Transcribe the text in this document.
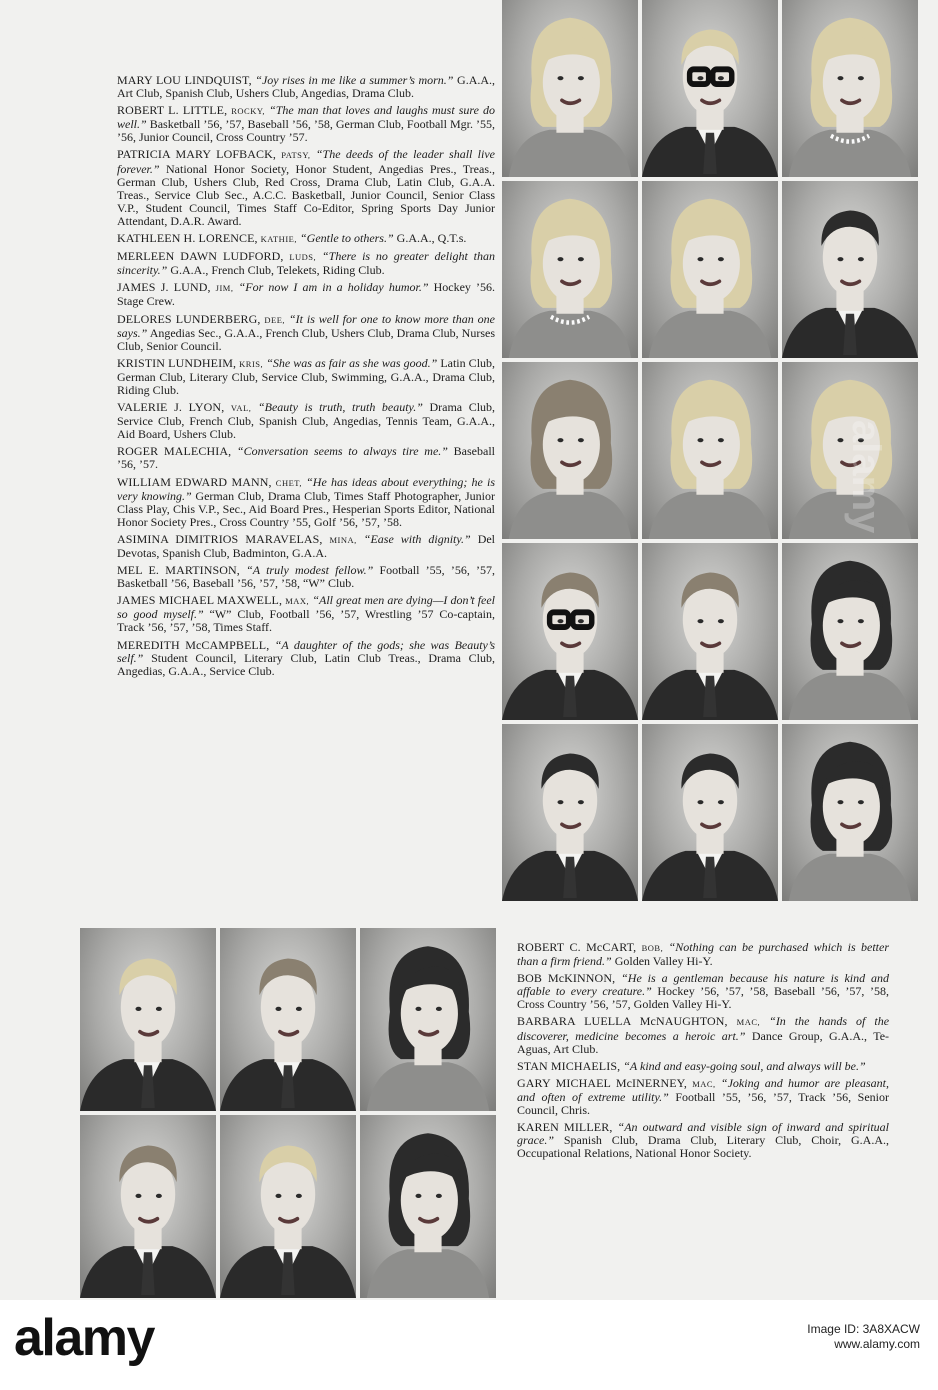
MARY LOU LINDQUIST, “Joy rises in me like a summer’s morn.” G.A.A., Art Club, Spanish Club, Ushers Club, Angedias, Drama Club.

ROBERT L. LITTLE, ROCKY, “The man that loves and laughs must sure do well.” Basketball ’56, ’57, Baseball ’56, ’58, German Club, Football Mgr. ’55, ’56, Junior Council, Cross Country ’57.

PATRICIA MARY LOFBACK, PATSY, “The deeds of the leader shall live forever.” National Honor Society, Honor Student, Angedias Pres., Treas., German Club, Ushers Club, Red Cross, Drama Club, Latin Club, G.A.A. Treas., Service Club Sec., A.C.C. Basketball, Junior Council, Senior Class V.P., Student Council, Times Staff Co-Editor, Spring Sports Day Junior Attendant, D.A.R. Award.

KATHLEEN H. LORENCE, KATHIE, “Gentle to others.” G.A.A., Q.T.s.

MERLEEN DAWN LUDFORD, LUDS, “There is no greater delight than sincerity.” G.A.A., French Club, Telekets, Riding Club.

JAMES J. LUND, JIM, “For now I am in a holiday humor.” Hockey ’56. Stage Crew.

DELORES LUNDERBERG, DEE, “It is well for one to know more than one says.” Angedias Sec., G.A.A., French Club, Ushers Club, Drama Club, Nurses Club, Senior Council.

KRISTIN LUNDHEIM, KRIS, “She was as fair as she was good.” Latin Club, German Club, Literary Club, Service Club, Swimming, G.A.A., Drama Club, Riding Club.

VALERIE J. LYON, VAL, “Beauty is truth, truth beauty.” Drama Club, Service Club, French Club, Spanish Club, Angedias, Tennis Team, G.A.A., Aid Board, Ushers Club.

ROGER MALECHIA, “Conversation seems to always tire me.” Baseball ’56, ’57.

WILLIAM EDWARD MANN, CHET, “He has ideas about everything; he is very knowing.” German Club, Drama Club, Times Staff Photographer, Junior Class Play, Chis V.P., Sec., Aid Board Pres., Hesperian Sports Editor, National Honor Society Pres., Cross Country ’55, Golf ’56, ’57, ’58.

ASIMINA DIMITRIOS MARAVELAS, MINA, “Ease with dignity.” Del Devotas, Spanish Club, Badminton, G.A.A.

MEL E. MARTINSON, “A truly modest fellow.” Football ’55, ’56, ’57, Basketball ’56, Baseball ’56, ’57, ’58, “W” Club.

JAMES MICHAEL MAXWELL, MAX, “All great men are dying—I don’t feel so good myself.” “W” Club, Football ’56, ’57, Wrestling ’57 Co-captain, Track ’56, ’57, ’58, Times Staff.

MEREDITH McCAMPBELL, “A daughter of the gods; she was Beauty’s self.” Student Council, Literary Club, Latin Club Treas., Drama Club, Angedias, G.A.A., Service Club.

ROBERT C. McCART, BOB, “Nothing can be purchased which is better than a firm friend.” Golden Valley Hi-Y.

BOB McKINNON, “He is a gentleman because his nature is kind and affable to every creature.” Hockey ’56, ’57, ’58, Baseball ’56, ’57, ’58, Cross Country ’56, ’57, Golden Valley Hi-Y.

BARBARA LUELLA McNAUGHTON, MAC, “In the hands of the discoverer, medicine becomes a heroic art.” Dance Group, G.A.A., Te-Aguas, Art Club.

STAN MICHAELIS, “A kind and easy-going soul, and always will be.”

GARY MICHAEL McINERNEY, MAC, “Joking and humor are pleasant, and often of extreme utility.” Football ’55, ’56, ’57, Track ’56, Senior Council, Chris.

KAREN MILLER, “An outward and visible sign of inward and spiritual grace.” Spanish Club, Drama Club, Literary Club, Choir, G.A.A., Occupational Relations, National Honor Society.

alamy
alamy	Image ID: 3A8XACW
www.alamy.com
